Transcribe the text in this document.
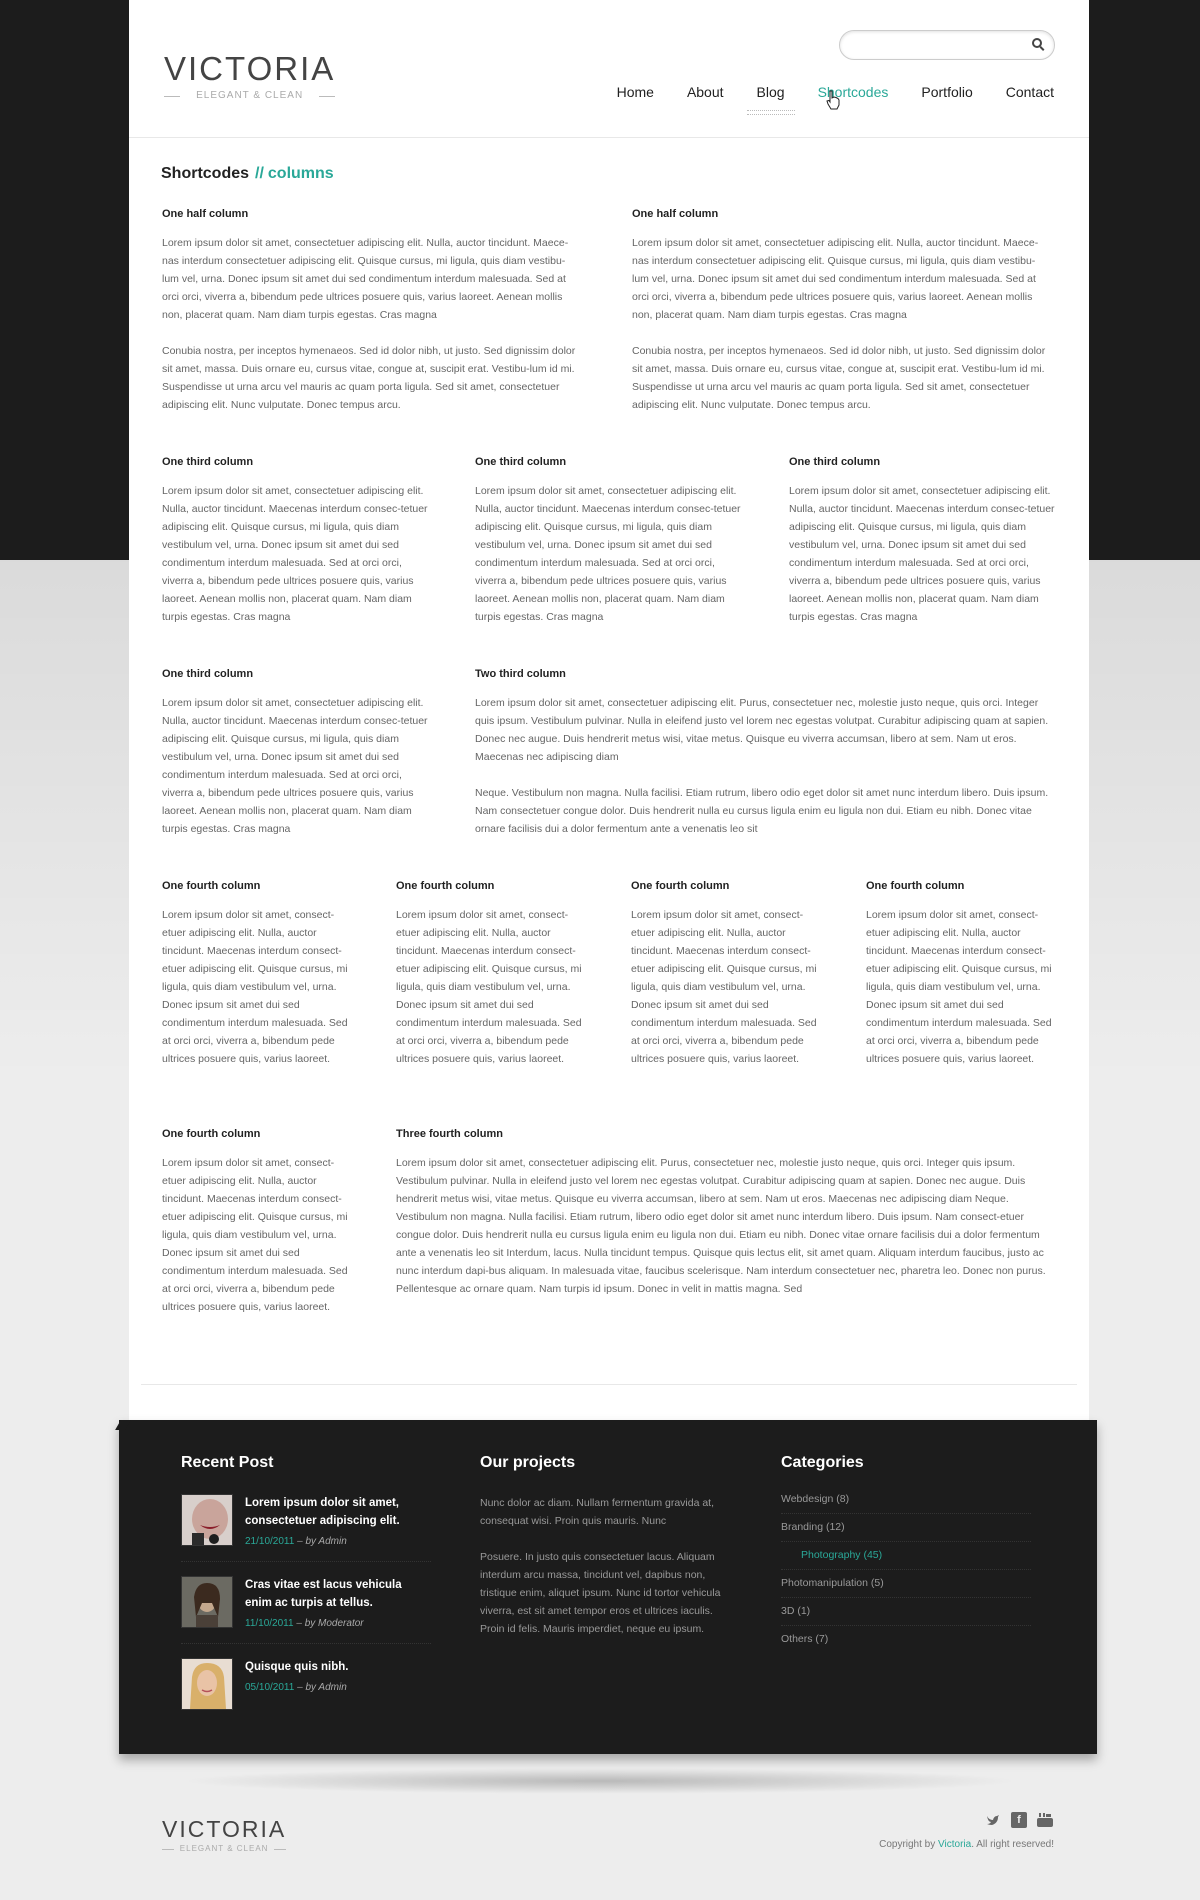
VICTORIA
ELEGANT & CLEAN	Home About Blog Shortcodes Portfolio Contact
Shortcodes // columns
One half column

Lorem ipsum dolor sit amet, consectetuer adipiscing elit. Nulla, auctor tincidunt. Maece-nas interdum consectetuer adipiscing elit. Quisque cursus, mi ligula, quis diam vestibu-lum vel, urna. Donec ipsum sit amet dui sed condimentum interdum malesuada. Sed at orci orci, viverra a, bibendum pede ultrices posuere quis, varius laoreet. Aenean mollis non, placerat quam. Nam diam turpis egestas. Cras magna

Conubia nostra, per inceptos hymenaeos. Sed id dolor nibh, ut justo. Sed dignissim dolor sit amet, massa. Duis ornare eu, cursus vitae, congue at, suscipit erat. Vestibu-lum id mi. Suspendisse ut urna arcu vel mauris ac quam porta ligula. Sed sit amet, consectetuer adipiscing elit. Nunc vulputate. Donec tempus arcu.

One half column

Lorem ipsum dolor sit amet, consectetuer adipiscing elit. Nulla, auctor tincidunt. Maece-nas interdum consectetuer adipiscing elit. Quisque cursus, mi ligula, quis diam vestibu-lum vel, urna. Donec ipsum sit amet dui sed condimentum interdum malesuada. Sed at orci orci, viverra a, bibendum pede ultrices posuere quis, varius laoreet. Aenean mollis non, placerat quam. Nam diam turpis egestas. Cras magna

Conubia nostra, per inceptos hymenaeos. Sed id dolor nibh, ut justo. Sed dignissim dolor sit amet, massa. Duis ornare eu, cursus vitae, congue at, suscipit erat. Vestibu-lum id mi. Suspendisse ut urna arcu vel mauris ac quam porta ligula. Sed sit amet, consectetuer adipiscing elit. Nunc vulputate. Donec tempus arcu.

One third column

Lorem ipsum dolor sit amet, consectetuer adipiscing elit. Nulla, auctor tincidunt. Maecenas interdum consec-tetuer adipiscing elit. Quisque cursus, mi ligula, quis diam vestibulum vel, urna. Donec ipsum sit amet dui sed condimentum interdum malesuada. Sed at orci orci, viverra a, bibendum pede ultrices posuere quis, varius laoreet. Aenean mollis non, placerat quam. Nam diam turpis egestas. Cras magna

One third column

Lorem ipsum dolor sit amet, consectetuer adipiscing elit. Nulla, auctor tincidunt. Maecenas interdum consec-tetuer adipiscing elit. Quisque cursus, mi ligula, quis diam vestibulum vel, urna. Donec ipsum sit amet dui sed condimentum interdum malesuada. Sed at orci orci, viverra a, bibendum pede ultrices posuere quis, varius laoreet. Aenean mollis non, placerat quam. Nam diam turpis egestas. Cras magna

One third column

Lorem ipsum dolor sit amet, consectetuer adipiscing elit. Nulla, auctor tincidunt. Maecenas interdum consec-tetuer adipiscing elit. Quisque cursus, mi ligula, quis diam vestibulum vel, urna. Donec ipsum sit amet dui sed condimentum interdum malesuada. Sed at orci orci, viverra a, bibendum pede ultrices posuere quis, varius laoreet. Aenean mollis non, placerat quam. Nam diam turpis egestas. Cras magna

One third column

Lorem ipsum dolor sit amet, consectetuer adipiscing elit. Nulla, auctor tincidunt. Maecenas interdum consec-tetuer adipiscing elit. Quisque cursus, mi ligula, quis diam vestibulum vel, urna. Donec ipsum sit amet dui sed condimentum interdum malesuada. Sed at orci orci, viverra a, bibendum pede ultrices posuere quis, varius laoreet. Aenean mollis non, placerat quam. Nam diam turpis egestas. Cras magna

Two third column

Lorem ipsum dolor sit amet, consectetuer adipiscing elit. Purus, consectetuer nec, molestie justo neque, quis orci. Integer quis ipsum. Vestibulum pulvinar. Nulla in eleifend justo vel lorem nec egestas volutpat. Curabitur adipiscing quam at sapien. Donec nec augue. Duis hendrerit metus wisi, vitae metus. Quisque eu viverra accumsan, libero at sem. Nam ut eros. Maecenas nec adipiscing diam

Neque. Vestibulum non magna. Nulla facilisi. Etiam rutrum, libero odio eget dolor sit amet nunc interdum libero. Duis ipsum. Nam consectetuer congue dolor. Duis hendrerit nulla eu cursus ligula enim eu ligula non dui. Etiam eu nibh. Donec vitae ornare facilisis dui a dolor fermentum ante a venenatis leo sit

One fourth column

Lorem ipsum dolor sit amet, consect-etuer adipiscing elit. Nulla, auctor tincidunt. Maecenas interdum consect-etuer adipiscing elit. Quisque cursus, mi ligula, quis diam vestibulum vel, urna. Donec ipsum sit amet dui sed condimentum interdum malesuada. Sed at orci orci, viverra a, bibendum pede ultrices posuere quis, varius laoreet.

One fourth column

Lorem ipsum dolor sit amet, consect-etuer adipiscing elit. Nulla, auctor tincidunt. Maecenas interdum consect-etuer adipiscing elit. Quisque cursus, mi ligula, quis diam vestibulum vel, urna. Donec ipsum sit amet dui sed condimentum interdum malesuada. Sed at orci orci, viverra a, bibendum pede ultrices posuere quis, varius laoreet.

One fourth column

Lorem ipsum dolor sit amet, consect-etuer adipiscing elit. Nulla, auctor tincidunt. Maecenas interdum consect-etuer adipiscing elit. Quisque cursus, mi ligula, quis diam vestibulum vel, urna. Donec ipsum sit amet dui sed condimentum interdum malesuada. Sed at orci orci, viverra a, bibendum pede ultrices posuere quis, varius laoreet.

One fourth column

Lorem ipsum dolor sit amet, consect-etuer adipiscing elit. Nulla, auctor tincidunt. Maecenas interdum consect-etuer adipiscing elit. Quisque cursus, mi ligula, quis diam vestibulum vel, urna. Donec ipsum sit amet dui sed condimentum interdum malesuada. Sed at orci orci, viverra a, bibendum pede ultrices posuere quis, varius laoreet.

One fourth column

Lorem ipsum dolor sit amet, consect-etuer adipiscing elit. Nulla, auctor tincidunt. Maecenas interdum consect-etuer adipiscing elit. Quisque cursus, mi ligula, quis diam vestibulum vel, urna. Donec ipsum sit amet dui sed condimentum interdum malesuada. Sed at orci orci, viverra a, bibendum pede ultrices posuere quis, varius laoreet.

Three fourth column

Lorem ipsum dolor sit amet, consectetuer adipiscing elit. Purus, consectetuer nec, molestie justo neque, quis orci. Integer quis ipsum. Vestibulum pulvinar. Nulla in eleifend justo vel lorem nec egestas volutpat. Curabitur adipiscing quam at sapien. Donec nec augue. Duis hendrerit metus wisi, vitae metus. Quisque eu viverra accumsan, libero at sem. Nam ut eros. Maecenas nec adipiscing diam Neque. Vestibulum non magna. Nulla facilisi. Etiam rutrum, libero odio eget dolor sit amet nunc interdum libero. Duis ipsum. Nam consect-etuer congue dolor. Duis hendrerit nulla eu cursus ligula enim eu ligula non dui. Etiam eu nibh. Donec vitae ornare facilisis dui a dolor fermentum ante a venenatis leo sit Interdum, lacus. Nulla tincidunt tempus. Quisque quis lectus elit, sit amet quam. Aliquam interdum faucibus, justo ac nunc interdum dapi-bus aliquam. In malesuada vitae, faucibus scelerisque. Nam interdum consectetuer nec, pharetra leo. Donec non purus. Pellentesque ac ornare quam. Nam turpis id ipsum. Donec in velit in mattis magna. Sed

Recent Post
Lorem ipsum dolor sit amet, consectetuer adipiscing elit.
21/10/2011 – by Admin
Cras vitae est lacus vehicula enim ac turpis at tellus.
11/10/2011 – by Moderator
Quisque quis nibh.
05/10/2011 – by Admin
Our projects

Nunc dolor ac diam. Nullam fermentum gravida at, consequat wisi. Proin quis mauris. Nunc

Posuere. In justo quis consectetuer lacus. Aliquam interdum arcu massa, tincidunt vel, dapibus non, tristique enim, aliquet ipsum. Nunc id tortor vehicula viverra, est sit amet tempor eros et ultrices iaculis. Proin id felis. Mauris imperdiet, neque eu ipsum.

Categories
Webdesign (8)
Branding (12)
Photography (45)
Photomanipulation (5)
3D (1)
Others (7)
VICTORIA
ELEGANT & CLEAN
f
Copyright by Victoria. All right reserved!
